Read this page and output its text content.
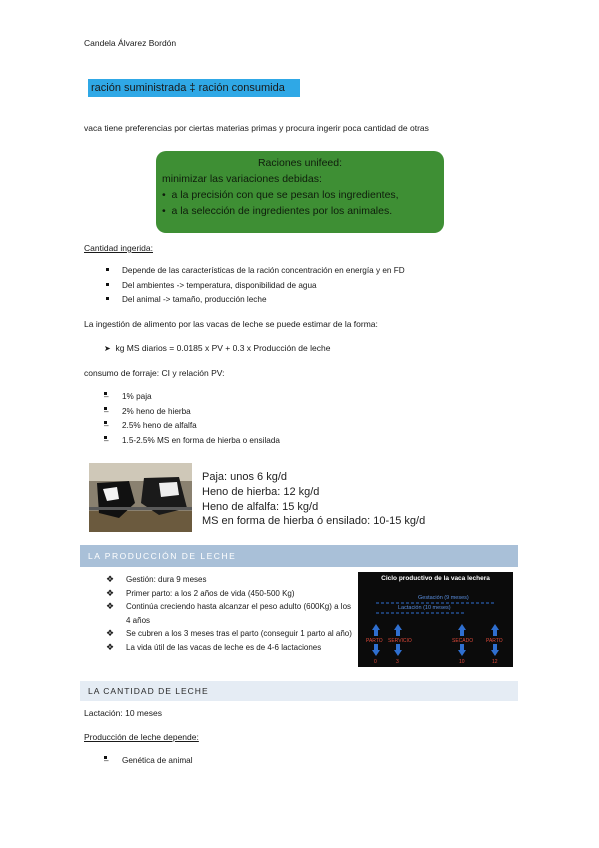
Candela Álvarez Bordón
ración suministrada ‡ ración consumida
vaca tiene preferencias por ciertas materias primas y procura ingerir poca cantidad de otras
Raciones unifeed:
minimizar las variaciones debidas:
•  a la precisión con que se pesan los ingredientes,
•  a la selección de ingredientes por los animales.
Cantidad ingerida:
Depende de las características de la ración concentración en energía y en FD
Del ambientes -> temperatura, disponibilidad de agua
Del animal -> tamaño, producción leche
La ingestión de alimento por las vacas de leche se puede estimar de la forma:
➤ kg MS diarios = 0.0185 x PV + 0.3 x Producción de leche
consumo de forraje: CI y relación PV:
– 1% paja
– 2% heno de hierba
– 2.5% heno de alfalfa
– 1.5-2.5% MS en forma de hierba o ensilada
Paja: unos 6 kg/d
Heno de hierba: 12 kg/d
Heno de alfalfa: 15 kg/d
MS en forma de hierba ó ensilado: 10-15 kg/d
LA PRODUCCIÓN DE LECHE
❖ Gestión: dura 9 meses
❖ Primer parto: a los 2 años de vida (450-500 Kg)
❖ Continúa creciendo hasta alcanzar el peso adulto (600Kg) a los 4 años
❖ Se cubren a los 3 meses tras el parto (conseguir 1 parto al año)
❖ La vida útil de las vacas de leche es de 4-6 lactaciones
Ciclo productivo de la vaca lechera
Gestación (9 meses)
Lactación (10 meses)
PARTO SERVICIO	SECADO	PARTO
0	3	10	12
LA CANTIDAD DE LECHE
Lactación: 10 meses
Producción de leche depende:
– Genética de animal
